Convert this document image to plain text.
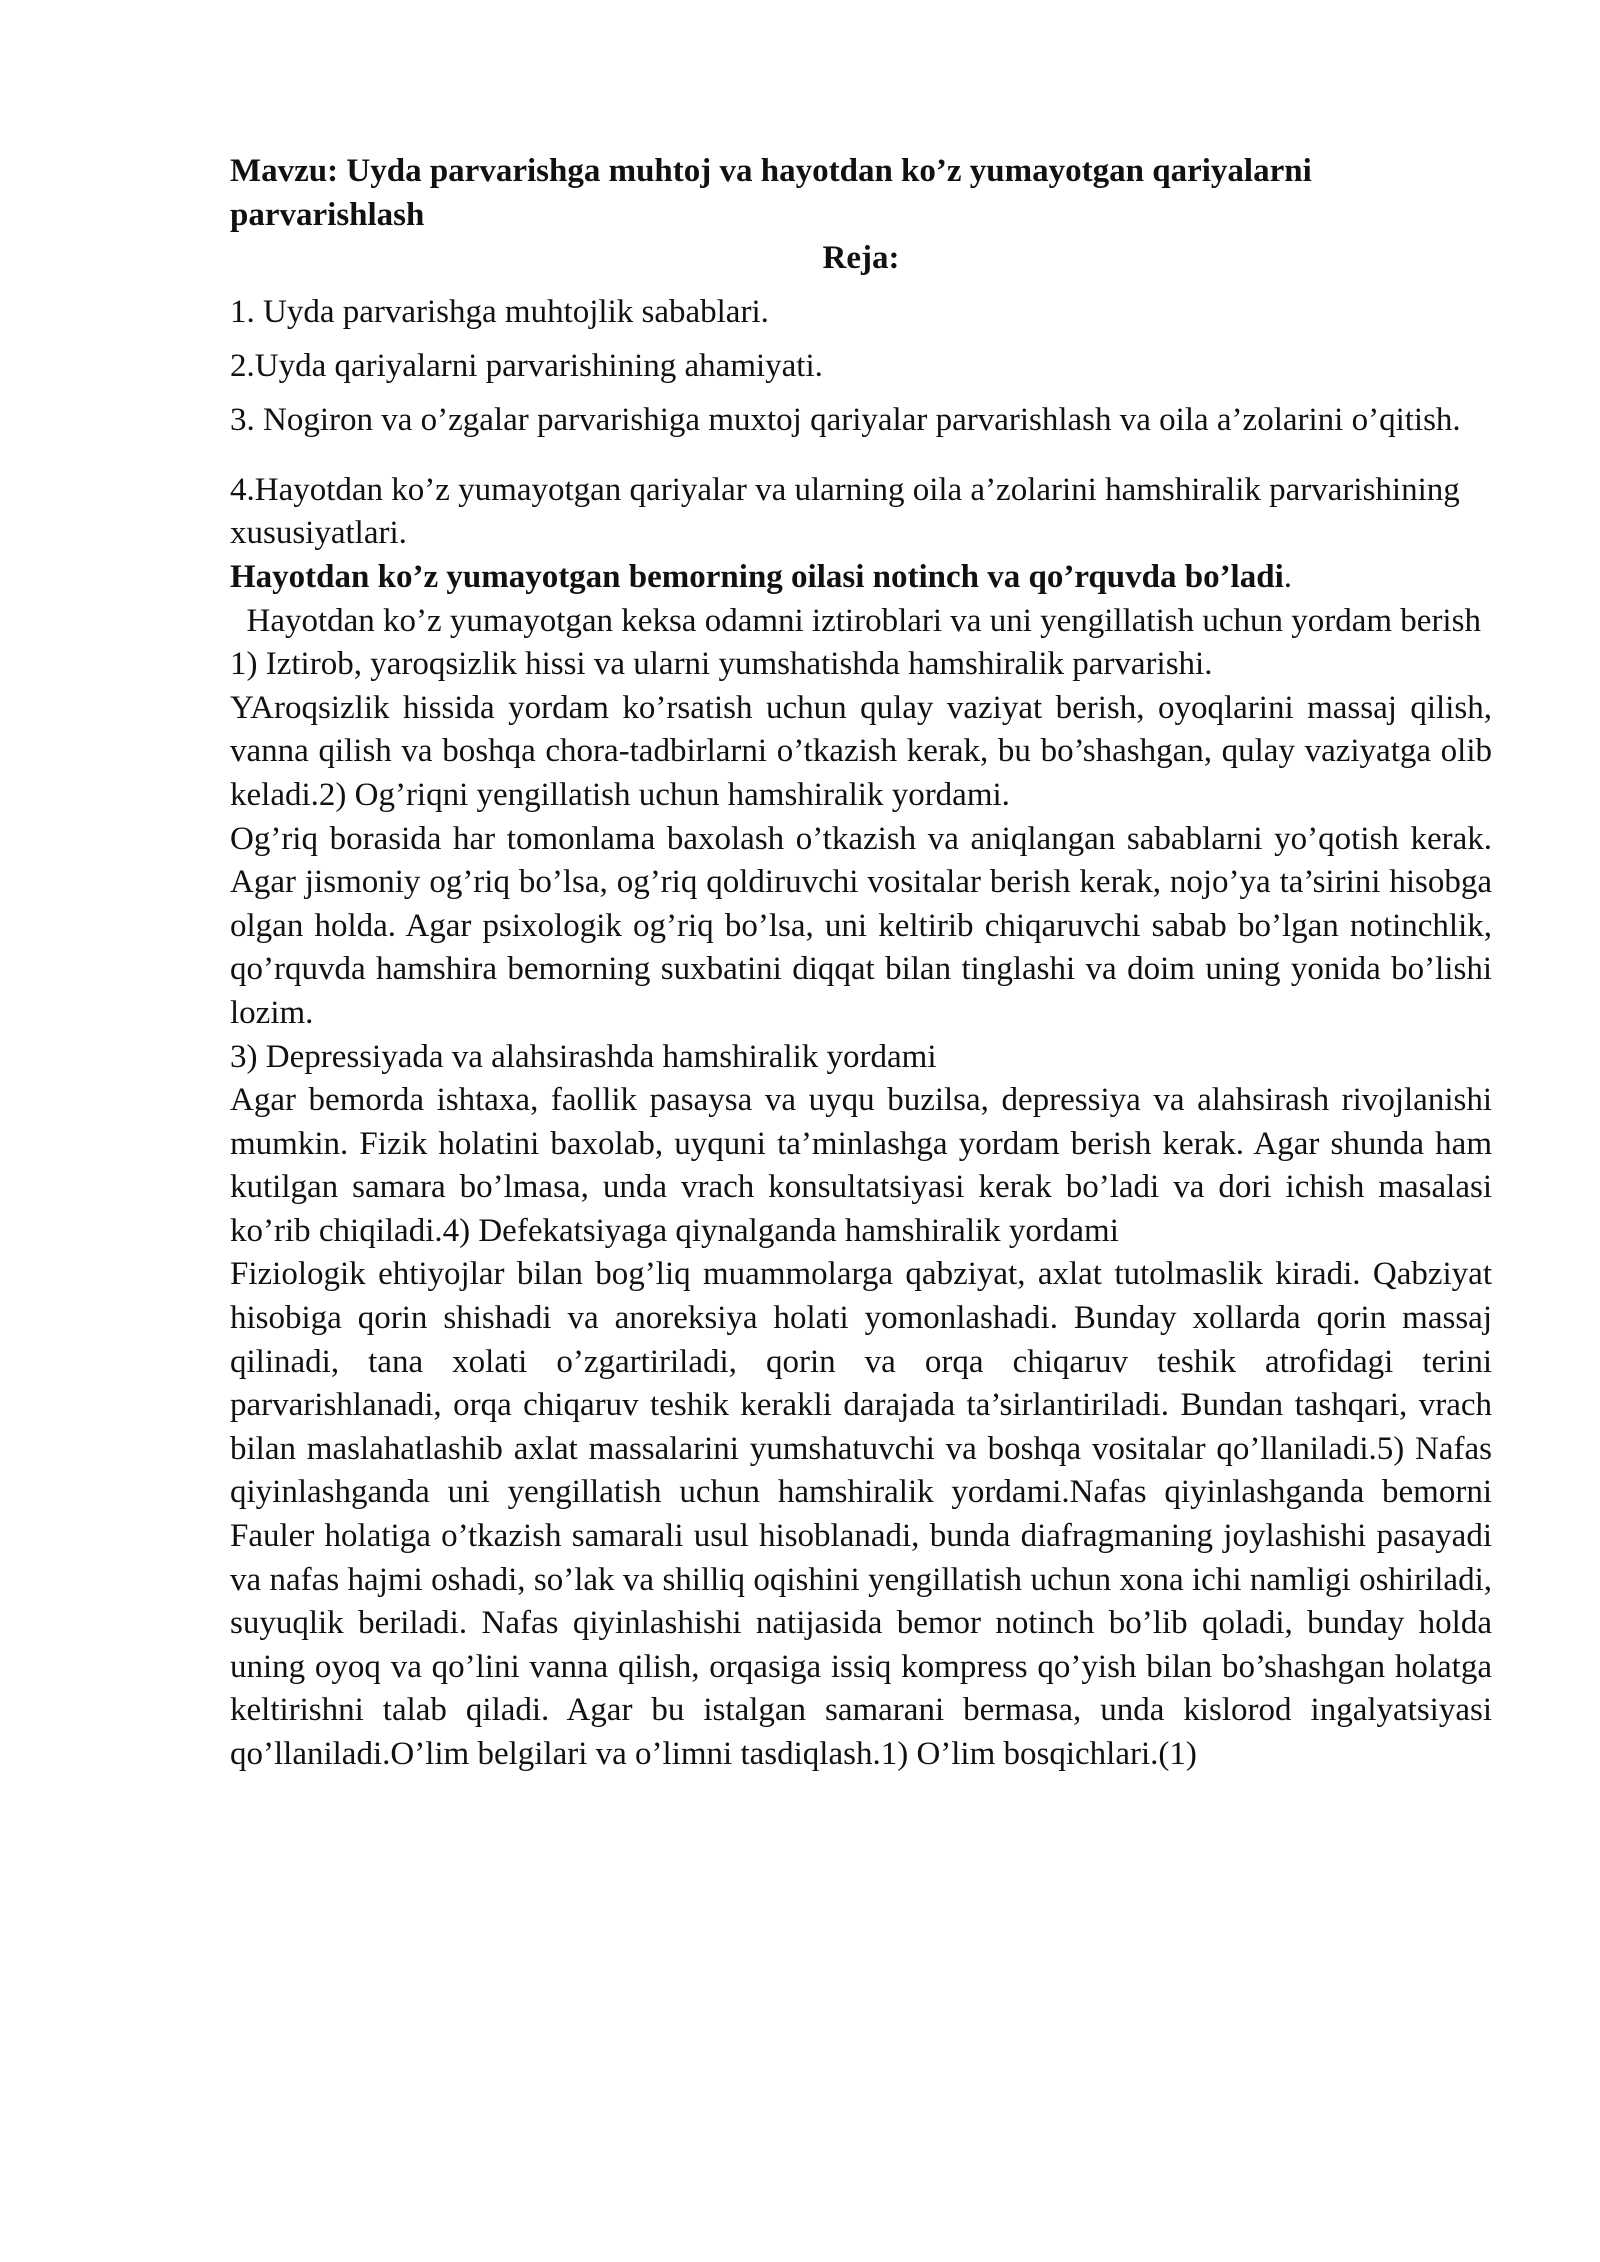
Mavzu: Uyda parvarishga muhtoj va hayotdan ko’z yumayotgan qariyalarni parvarishlash

Reja:

1. Uyda parvarishga muhtojlik sabablari.

2.Uyda qariyalarni parvarishining ahamiyati.

3. Nogiron va o’zgalar parvarishiga muxtoj qariyalar parvarishlash va oila a’zolarini o’qitish.

4.Hayotdan ko’z yumayotgan qariyalar va ularning oila a’zolarini hamshiralik parvarishining xususiyatlari.

Hayotdan ko’z yumayotgan bemorning oilasi notinch va qo’rquvda bo’ladi.

Hayotdan ko’z yumayotgan keksa odamni iztiroblari va uni yengillatish uchun yordam berish

1) Iztirob, yaroqsizlik hissi va ularni yumshatishda hamshiralik parvarishi.

YAroqsizlik hissida yordam ko’rsatish uchun qulay vaziyat berish, oyoqlarini massaj qilish, vanna qilish va boshqa chora-tadbirlarni o’tkazish kerak, bu bo’shashgan, qulay vaziyatga olib keladi.2) Og’riqni yengillatish uchun hamshiralik yordami.

Og’riq borasida har tomonlama baxolash o’tkazish va aniqlangan sabablarni yo’qotish kerak. Agar jismoniy og’riq bo’lsa, og’riq qoldiruvchi vositalar berish kerak, nojo’ya ta’sirini hisobga olgan holda. Agar psixologik og’riq bo’lsa, uni keltirib chiqaruvchi sabab bo’lgan notinchlik, qo’rquvda hamshira bemorning suxbatini diqqat bilan tinglashi va doim uning yonida bo’lishi lozim.

3) Depressiyada va alahsirashda hamshiralik yordami

Agar bemorda ishtaxa, faollik pasaysa va uyqu buzilsa, depressiya va alahsirash rivojlanishi mumkin. Fizik holatini baxolab, uyquni ta’minlashga yordam berish kerak. Agar shunda ham kutilgan samara bo’lmasa, unda vrach konsultatsiyasi kerak bo’ladi va dori ichish masalasi ko’rib chiqiladi.4) Defekatsiyaga qiynalganda hamshiralik yordami

Fiziologik ehtiyojlar bilan bog’liq muammolarga qabziyat, axlat tutolmaslik kiradi. Qabziyat hisobiga qorin shishadi va anoreksiya holati yomonlashadi. Bunday xollarda qorin massaj qilinadi, tana xolati o’zgartiriladi, qorin va orqa chiqaruv teshik atrofidagi terini parvarishlanadi, orqa chiqaruv teshik kerakli darajada ta’sirlantiriladi. Bundan tashqari, vrach bilan maslahatlashib axlat massalarini yumshatuvchi va boshqa vositalar qo’llaniladi.5) Nafas qiyinlashganda uni yengillatish uchun hamshiralik yordami.Nafas qiyinlashganda bemorni Fauler holatiga o’tkazish samarali usul hisoblanadi, bunda diafragmaning joylashishi pasayadi va nafas hajmi oshadi, so’lak va shilliq oqishini yengillatish uchun xona ichi namligi oshiriladi, suyuqlik beriladi. Nafas qiyinlashishi natijasida bemor notinch bo’lib qoladi, bunday holda uning oyoq va qo’lini vanna qilish, orqasiga issiq kompress qo’yish bilan bo’shashgan holatga keltirishni talab qiladi. Agar bu istalgan samarani bermasa, unda kislorod ingalyatsiyasi qo’llaniladi.O’lim belgilari va o’limni tasdiqlash.1) O’lim bosqichlari.(1)
